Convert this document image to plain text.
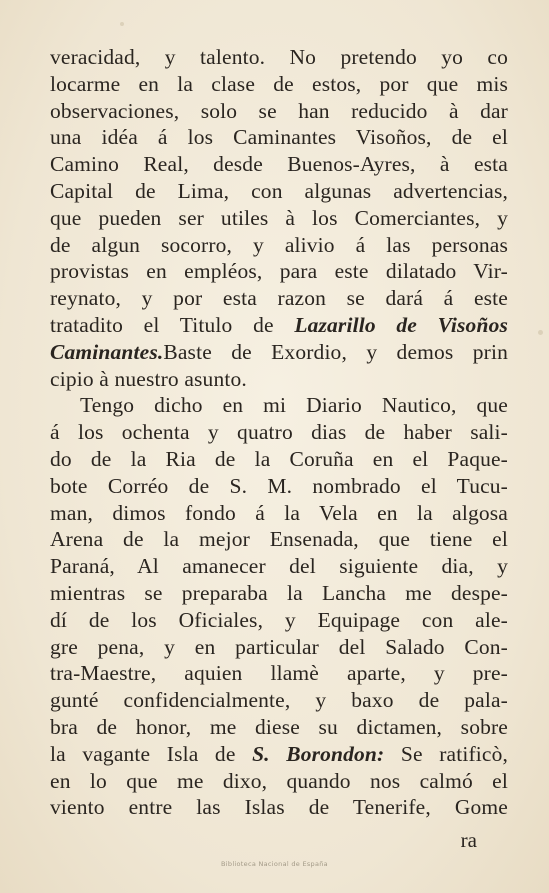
veracidad, y talento. No pretendo yo co
locarme en la clase de estos, por que mis
observaciones, solo se han reducido à dar
una idéa á los Caminantes Visoños, de el
Camino Real, desde Buenos-Ayres, à esta
Capital de Lima, con algunas advertencias,
que pueden ser utiles à los Comerciantes, y
de algun socorro, y alivio á las personas
provistas en empléos, para este dilatado Vir-
reynato, y por esta razon se dará á este
tratadito el Titulo de Lazarillo de Visoños
Caminantes.Baste de Exordio, y demos prin
cipio à nuestro asunto.
Tengo dicho en mi Diario Nautico, que
á los ochenta y quatro dias de haber sali-
do de la Ria de la Coruña en el Paque-
bote Corréo de S. M. nombrado el Tucu-
man, dimos fondo á la Vela en la algosa
Arena de la mejor Ensenada, que tiene el
Paraná, Al amanecer del siguiente dia, y
mientras se preparaba la Lancha me despe-
dí de los Oficiales, y Equipage con ale-
gre pena, y en particular del Salado Con-
tra-Maestre, aquien llamè aparte, y pre-
gunté confidencialmente, y baxo de pala-
bra de honor, me diese su dictamen, sobre
la vagante Isla de S. Borondon: Se ratificò,
en lo que me dixo, quando nos calmó el
viento entre las Islas de Tenerife, Gome
ra
Biblioteca Nacional de España
